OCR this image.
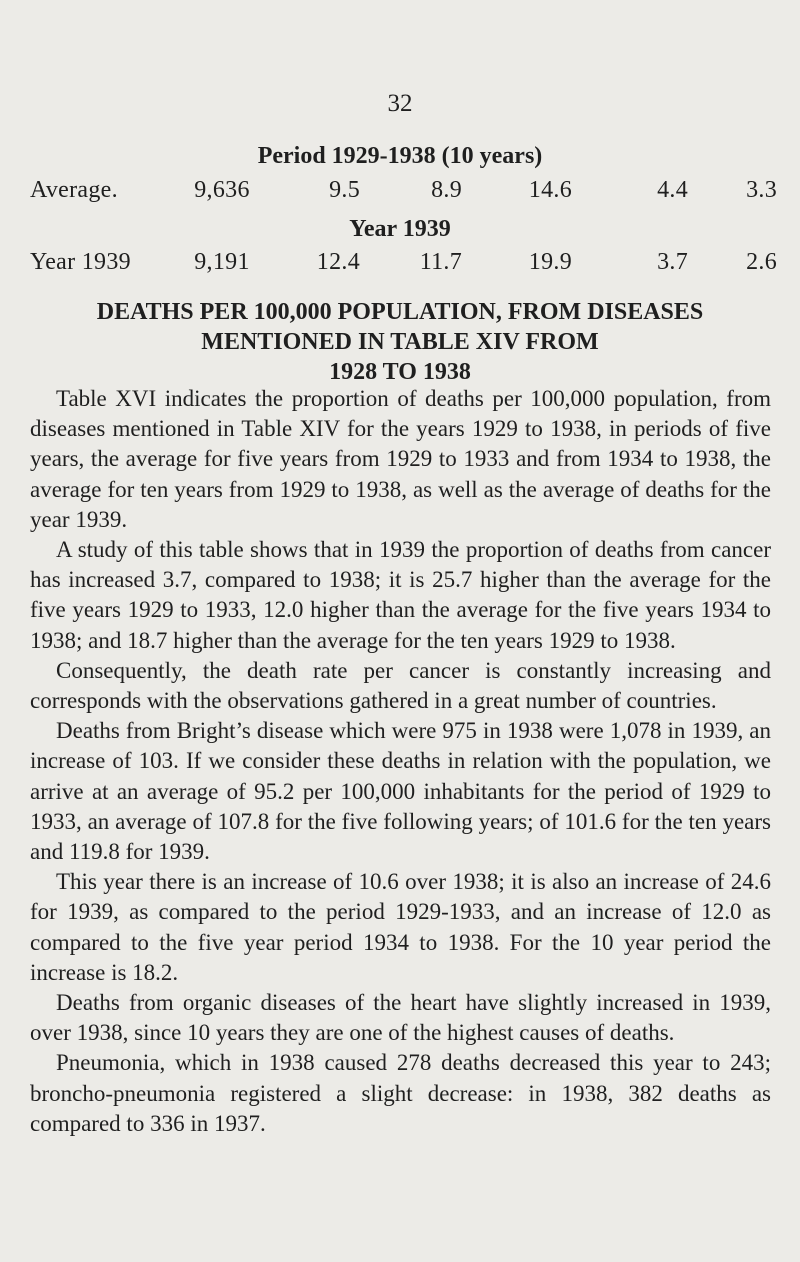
32
Period 1929-1938 (10 years)
Average.	9,636	9.5	8.9	14.6	4.4 3.3
Year 1939
Year 1939	9,191	12.4 11.7	19.9	3.7 2.6
DEATHS PER 100,000 POPULATION, FROM DISEASES
MENTIONED IN TABLE XIV FROM
1928 TO 1938

Table XVI indicates the proportion of deaths per 100,000 population, from diseases mentioned in Table XIV for the years 1929 to 1938, in periods of five years, the average for five years from 1929 to 1933 and from 1934 to 1938, the average for ten years from 1929 to 1938, as well as the average of deaths for the year 1939.

A study of this table shows that in 1939 the proportion of deaths from cancer has increased 3.7, compared to 1938; it is 25.7 higher than the average for the five years 1929 to 1933, 12.0 higher than the average for the five years 1934 to 1938; and 18.7 higher than the average for the ten years 1929 to 1938.

Consequently, the death rate per cancer is constantly increasing and corresponds with the observations gathered in a great number of countries.

Deaths from Bright’s disease which were 975 in 1938 were 1,078 in 1939, an increase of 103. If we consider these deaths in relation with the population, we arrive at an average of 95.2 per 100,000 inhabitants for the period of 1929 to 1933, an average of 107.8 for the five following years; of 101.6 for the ten years and 119.8 for 1939.

This year there is an increase of 10.6 over 1938; it is also an increase of 24.6 for 1939, as compared to the period 1929-1933, and an increase of 12.0 as compared to the five year period 1934 to 1938. For the 10 year period the increase is 18.2.

Deaths from organic diseases of the heart have slightly increased in 1939, over 1938, since 10 years they are one of the highest causes of deaths.

Pneumonia, which in 1938 caused 278 deaths decreased this year to 243; broncho-pneumonia registered a slight decrease: in 1938, 382 deaths as compared to 336 in 1937.
